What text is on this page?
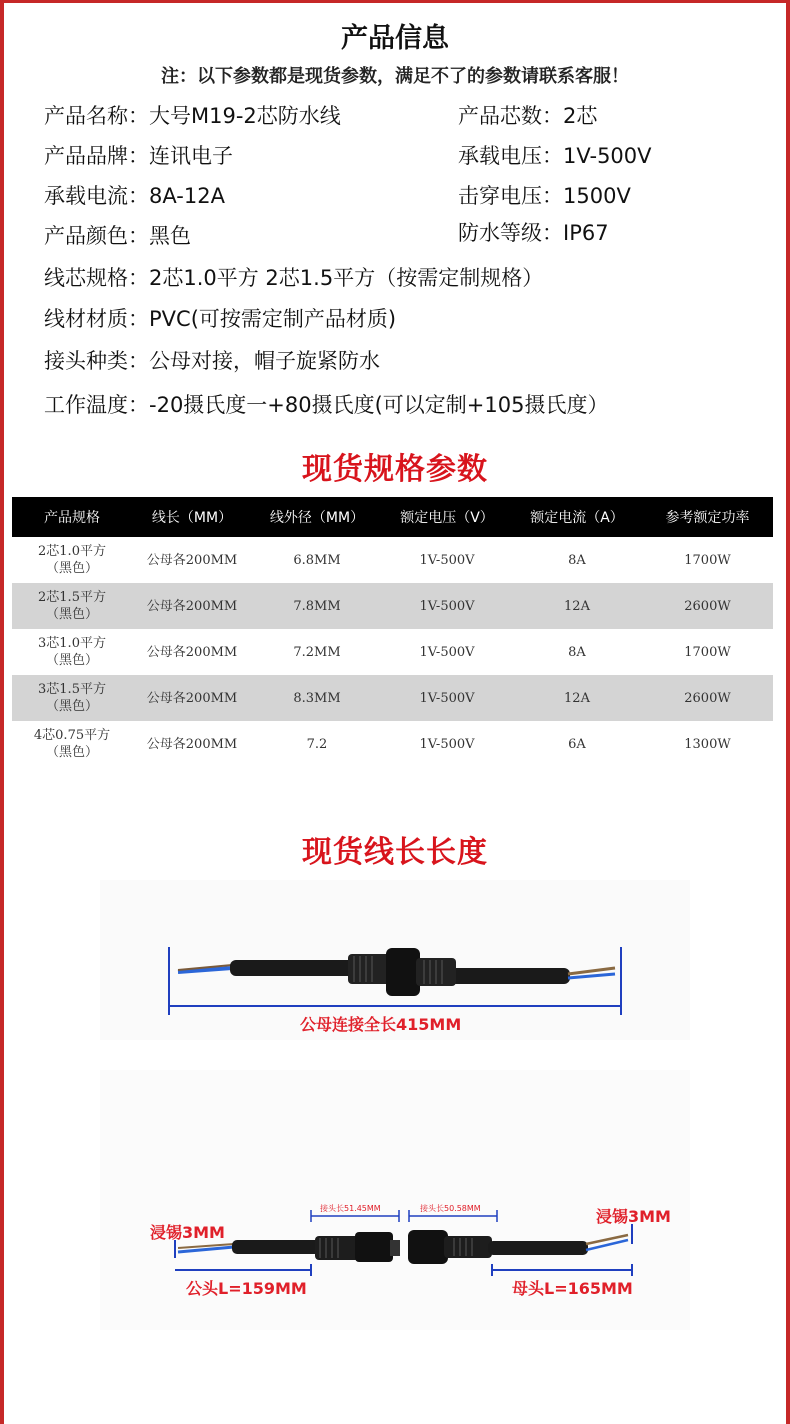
产品信息
注：以下参数都是现货参数，满足不了的参数请联系客服！
产品名称：大号M19-2芯防水线	产品芯数：2芯
产品品牌：连讯电子	承载电压：1V-500V
承载电流：8A-12A	击穿电压：1500V
产品颜色：黑色	防水等级：IP67
线芯规格：2芯1.0平方 2芯1.5平方（按需定制规格）
线材材质：PVC(可按需定制产品材质)
接头种类：公母对接，帽子旋紧防水
工作温度：-20摄氏度一+80摄氏度(可以定制+105摄氏度）
现货规格参数
产品规格	线长（MM）	线外径（MM）	额定电压（V）	额定电流（A）	参考额定功率
2芯1.0平方
（黑色）	公母各200MM	6.8MM	1V-500V	8A	1700W
2芯1.5平方
（黑色）	公母各200MM	7.8MM	1V-500V	12A	2600W
3芯1.0平方
（黑色）	公母各200MM	7.2MM	1V-500V	8A	1700W
3芯1.5平方
（黑色）	公母各200MM	8.3MM	1V-500V	12A	2600W
4芯0.75平方
（黑色）	公母各200MM	7.2	1V-500V	6A	1300W
现货线长长度
公母连接全长415MM
接头长51.45MM	接头长50.58MM
浸锡3MM
浸锡3MM
公头L=159MM	母头L=165MM
